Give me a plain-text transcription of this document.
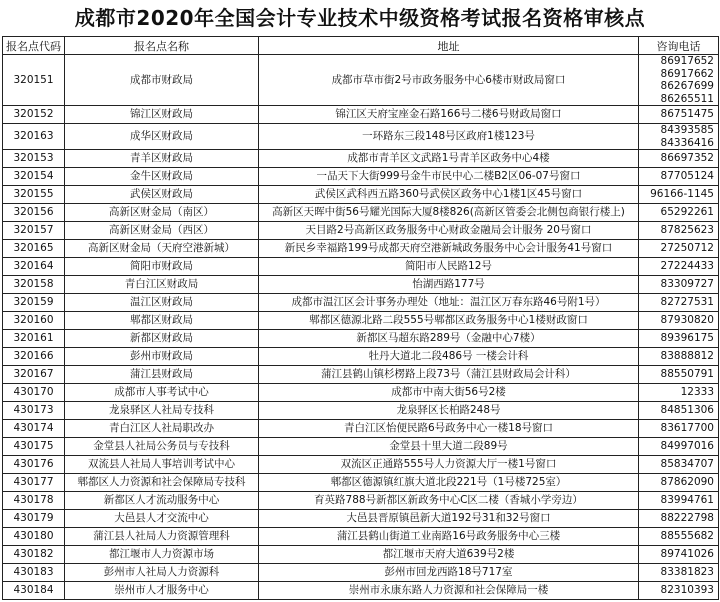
成都市2020年全国会计专业技术中级资格考试报名资格审核点
报名点代码	报名点名称	地址	咨询电话
320151	成都市财政局	成都市草市街2号市政务服务中心6楼市财政局窗口	86917652
86917662
86267699
86265511

320152	锦江区财政局	锦江区天府宝座金石路166号二楼6号财政局窗口	86751475

320163	成华区财政局	一环路东三段148号区政府1楼123号	84393585
84336416

320153	青羊区财政局	成都市青羊区文武路1号青羊区政务中心4楼	86697352

320154	金牛区财政局	一品天下大街999号金牛市民中心二楼B2区06-07号窗口	87705124

320155	武侯区财政局	武侯区武科西五路360号武侯区政务中心1楼1区45号窗口	96166-1145

320156	高新区财金局（南区）	高新区天晖中街56号耀光国际大厦8楼826(高新区管委会北侧包商银行楼上)	65292261

320157	高新区财金局（西区）	天目路2号高新区政务服务中心财政金融局会计服务 20号窗口	87825623

320165	高新区财金局（天府空港新城）	新民乡幸福路199号成都天府空港新城政务服务中心会计服务41号窗口	27250712

320164	简阳市财政局	简阳市人民路12号	27224433

320158	青白江区财政局	怡湖西路177号	83309727

320159	温江区财政局	成都市温江区会计事务办理处（地址：温江区万春东路46号附1号）	82727531

320160	郫都区财政局	郫都区德源北路二段555号郫都区政务服务中心1楼财政窗口	87930820

320161	新都区财政局	新都区马超东路289号（金融中心7楼）	89396175

320166	彭州市财政局	牡丹大道北二段486号 一楼会计科	83888812

320167	蒲江县财政局	蒲江县鹤山镇杉楞路上段73号（蒲江县财政局会计科）	88550791

430170	成都市人事考试中心	成都市中南大街56号2楼	12333

430173	龙泉驿区人社局专技科	龙泉驿区长柏路248号	84851306

430174	青白江区人社局职改办	青白江区怡便民路6号政务中心一楼18号窗口	83617700

430175	金堂县人社局公务员与专技科	金堂县十里大道二段89号	84997016

430176	双流县人社局人事培训考试中心	双流区正通路555号人力资源大厅一楼1号窗口	85834707

430177	郫都区人力资源和社会保障局专技科	郫都区德源镇红旗大道北段221号（1号楼725室）	87862090

430178	新都区人才流动服务中心	育英路788号新都区新政务中心C区二楼（香城小学旁边）	83994761

430179	大邑县人才交流中心	大邑县晋原镇邑新大道192号31和32号窗口	88222798

430180	蒲江县人社局人力资源管理科	蒲江县鹤山街道工业南路16号政务服务中心三楼	88555682

430182	都江堰市人力资源市场	都江堰市天府大道639号2楼	89741026

430183	彭州市人社局人力资源科	彭州市回龙西路18号717室	83381823

430184	崇州市人才服务中心	崇州市永康东路人力资源和社会保障局一楼	82310393
